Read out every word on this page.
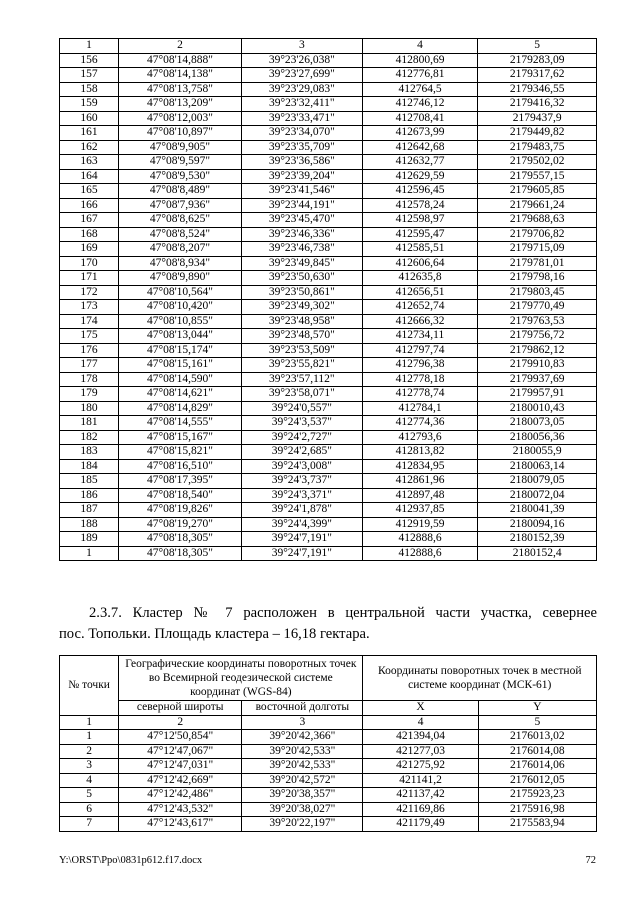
1	2	3	4	5
156	47°08'14,888"	39°23'26,038"	412800,69	2179283,09
157	47°08'14,138"	39°23'27,699"	412776,81	2179317,62
158	47°08'13,758"	39°23'29,083"	412764,5	2179346,55
159	47°08'13,209"	39°23'32,411"	412746,12	2179416,32
160	47°08'12,003"	39°23'33,471"	412708,41	2179437,9
161	47°08'10,897"	39°23'34,070"	412673,99	2179449,82
162	47°08'9,905"	39°23'35,709"	412642,68	2179483,75
163	47°08'9,597"	39°23'36,586"	412632,77	2179502,02
164	47°08'9,530"	39°23'39,204"	412629,59	2179557,15
165	47°08'8,489"	39°23'41,546"	412596,45	2179605,85
166	47°08'7,936"	39°23'44,191"	412578,24	2179661,24
167	47°08'8,625"	39°23'45,470"	412598,97	2179688,63
168	47°08'8,524"	39°23'46,336"	412595,47	2179706,82
169	47°08'8,207"	39°23'46,738"	412585,51	2179715,09
170	47°08'8,934"	39°23'49,845"	412606,64	2179781,01
171	47°08'9,890"	39°23'50,630"	412635,8	2179798,16
172	47°08'10,564"	39°23'50,861"	412656,51	2179803,45
173	47°08'10,420"	39°23'49,302"	412652,74	2179770,49
174	47°08'10,855"	39°23'48,958"	412666,32	2179763,53
175	47°08'13,044"	39°23'48,570"	412734,11	2179756,72
176	47°08'15,174"	39°23'53,509"	412797,74	2179862,12
177	47°08'15,161"	39°23'55,821"	412796,38	2179910,83
178	47°08'14,590"	39°23'57,112"	412778,18	2179937,69
179	47°08'14,621"	39°23'58,071"	412778,74	2179957,91
180	47°08'14,829"	39°24'0,557"	412784,1	2180010,43
181	47°08'14,555"	39°24'3,537"	412774,36	2180073,05
182	47°08'15,167"	39°24'2,727"	412793,6	2180056,36
183	47°08'15,821"	39°24'2,685"	412813,82	2180055,9
184	47°08'16,510"	39°24'3,008"	412834,95	2180063,14
185	47°08'17,395"	39°24'3,737"	412861,96	2180079,05
186	47°08'18,540"	39°24'3,371"	412897,48	2180072,04
187	47°08'19,826"	39°24'1,878"	412937,85	2180041,39
188	47°08'19,270"	39°24'4,399"	412919,59	2180094,16
189	47°08'18,305"	39°24'7,191"	412888,6	2180152,39
1	47°08'18,305"	39°24'7,191"	412888,6	2180152,4

2.3.7. Кластер № 7 расположен в центральной части участка, севернее
пос. Топольки. Площадь кластера – 16,18 гектара.

№ точки	Географические координаты поворотных точек во Всемирной геодезической системе координат (WGS-84)		Координаты поворотных точек в местной системе координат (МСК-61)	
	северной широты	восточной долготы	X	Y
1	2	3	4	5
1	47°12'50,854"	39°20'42,366"	421394,04	2176013,02
2	47°12'47,067"	39°20'42,533"	421277,03	2176014,08
3	47°12'47,031"	39°20'42,533"	421275,92	2176014,06
4	47°12'42,669"	39°20'42,572"	421141,2	2176012,05
5	47°12'42,486"	39°20'38,357"	421137,42	2175923,23
6	47°12'43,532"	39°20'38,027"	421169,86	2175916,98
7	47°12'43,617"	39°20'22,197"	421179,49	2175583,94
Y:\ORST\Ppo\0831p612.f17.docx	72
